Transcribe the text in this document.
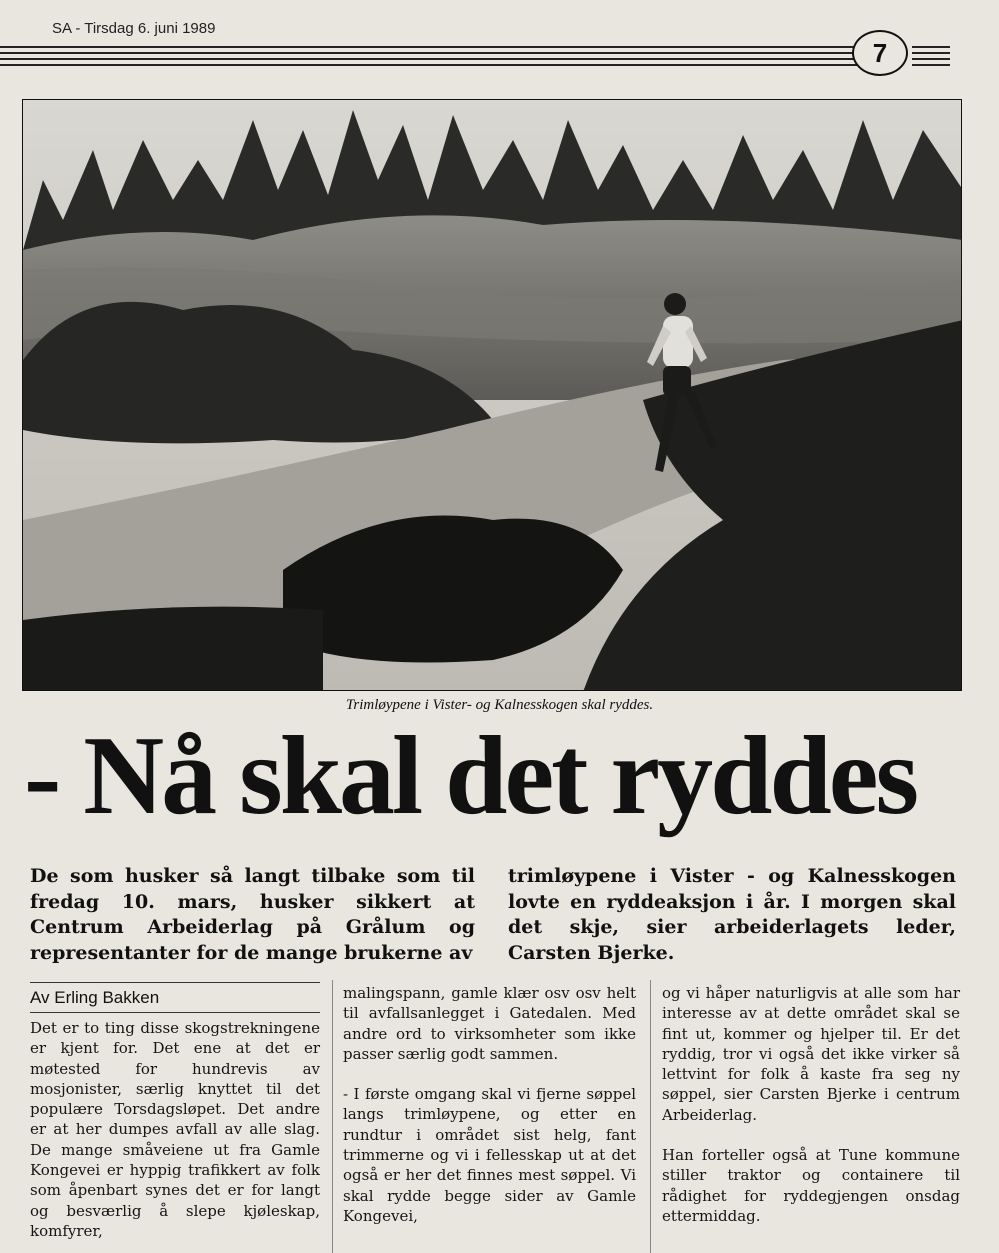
SA - Tirsdag 6. juni 1989
7
Trimløypene i Vister- og Kalnesskogen skal ryddes.
- Nå skal det ryddes
De som husker så langt tilbake som til fredag 10. mars, husker sikkert at Centrum Arbeiderlag på Grålum og representanter for de mange brukerne av
trimløypene i Vister - og Kalnesskogen lovte en ryddeaksjon i år. I morgen skal det skje, sier arbeiderlagets leder, Carsten Bjerke.
Av Erling Bakken

Det er to ting disse skogstrekningene er kjent for. Det ene at det er møtested for hundrevis av mosjonister, særlig knyttet til det populære Torsdagsløpet. Det andre er at her dumpes avfall av alle slag. De mange småveiene ut fra Gamle Kongevei er hyppig trafikkert av folk som åpenbart synes det er for langt og besværlig å slepe kjøleskap, komfyrer,

malingspann, gamle klær osv osv helt til avfallsanlegget i Gatedalen. Med andre ord to virksomheter som ikke passer særlig godt sammen.

- I første omgang skal vi fjerne søppel langs trimløypene, og etter en rundtur i området sist helg, fant trimmerne og vi i fellesskap ut at det også er her det finnes mest søppel. Vi skal rydde begge sider av Gamle Kongevei,

og vi håper naturligvis at alle som har interesse av at dette området skal se fint ut, kommer og hjelper til. Er det ryddig, tror vi også det ikke virker så lettvint for folk å kaste fra seg ny søppel, sier Carsten Bjerke i centrum Arbeiderlag.

Han forteller også at Tune kommune stiller traktor og containere til rådighet for ryddegjengen onsdag ettermiddag.
